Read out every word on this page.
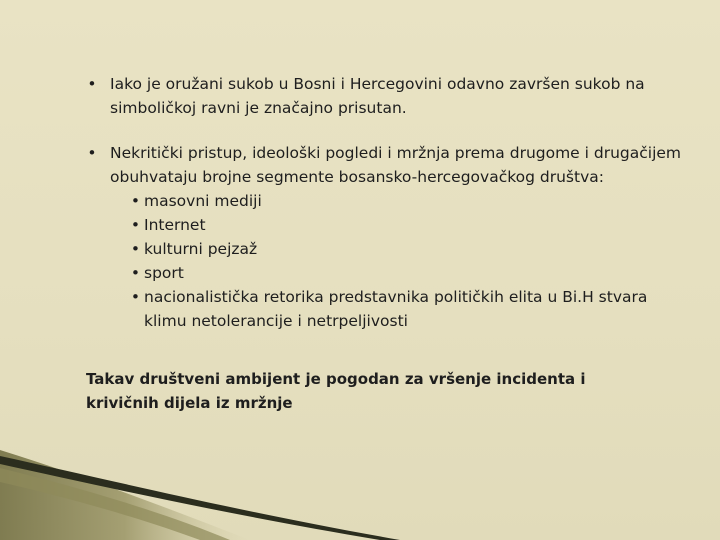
• Iako je oružani sukob u Bosni i Hercegovini odavno završen sukob na simboličkoj ravni je značajno prisutan.
• Nekritički pristup, ideološki pogledi i mržnja prema drugome i drugačijem obuhvataju brojne segmente bosansko-hercegovačkog društva:
•
masovni mediji
•
Internet
•
kulturni pejzaž
•
sport
•
nacionalistička retorika predstavnika političkih elita u Bi.H stvara klimu netolerancije i netrpeljivosti
Takav društveni ambijent je pogodan za vršenje incidenta i krivičnih dijela iz mržnje
